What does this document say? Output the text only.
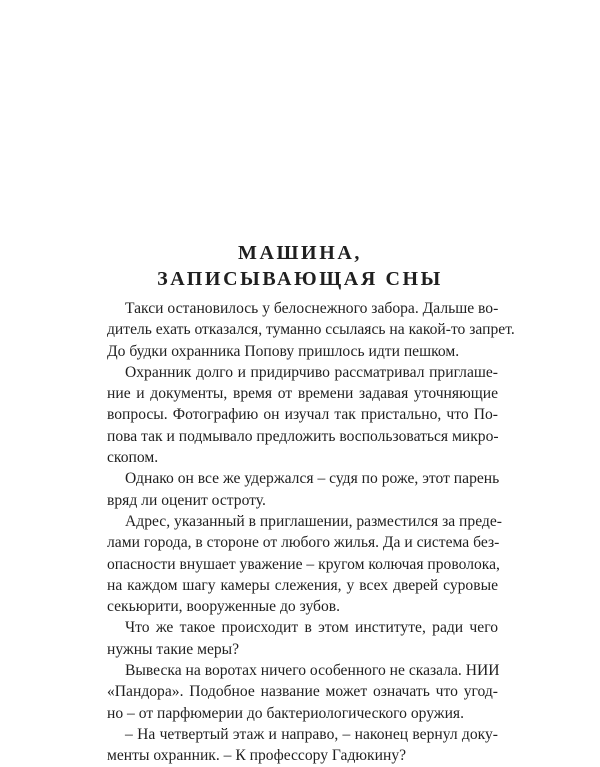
МАШИНА,
ЗАПИСЫВАЮЩАЯ СНЫ
Такси остановилось у белоснежного забора. Дальше во-
дитель ехать отказался, туманно ссылаясь на какой-то запрет.
До будки охранника Попову пришлось идти пешком.
Охранник долго и придирчиво рассматривал приглаше-
ние и документы, время от времени задавая уточняющие
вопросы. Фотографию он изучал так пристально, что По-
пова так и подмывало предложить воспользоваться микро-
скопом.
Однако он все же удержался – судя по роже, этот парень
вряд ли оценит остроту.
Адрес, указанный в приглашении, разместился за преде-
лами города, в стороне от любого жилья. Да и система без-
опасности внушает уважение – кругом колючая проволока,
на каждом шагу камеры слежения, у всех дверей суровые
секьюрити, вооруженные до зубов.
Что же такое происходит в этом институте, ради чего
нужны такие меры?
Вывеска на воротах ничего особенного не сказала. НИИ
«Пандора». Подобное название может означать что угод-
но – от парфюмерии до бактериологического оружия.
– На четвертый этаж и направо, – наконец вернул доку-
менты охранник. – К профессору Гадюкину?
